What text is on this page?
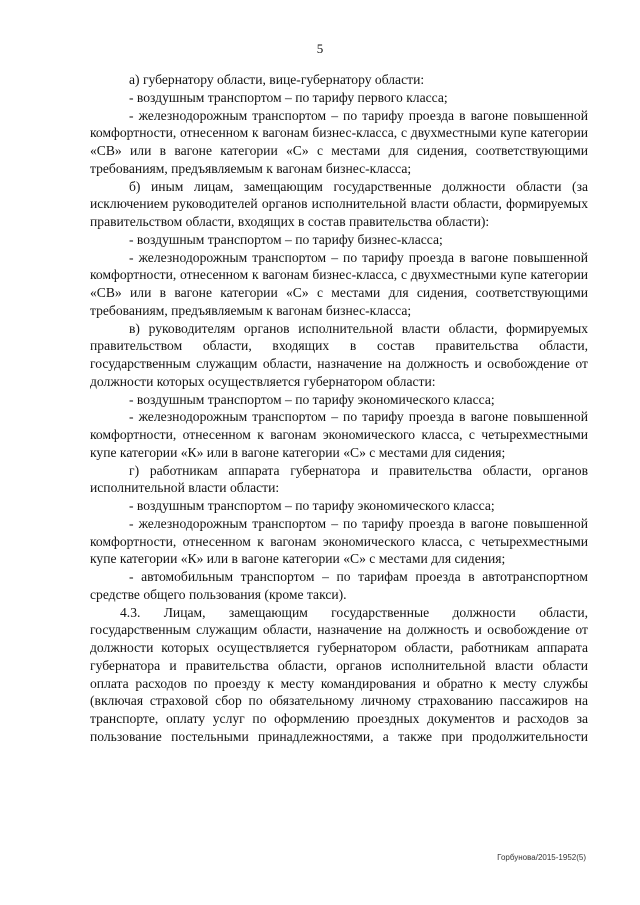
5

а) губернатору области, вице-губернатору области:

- воздушным транспортом – по тарифу первого класса;

- железнодорожным транспортом – по тарифу проезда в вагоне повышенной комфортности, отнесенном к вагонам бизнес-класса, с двухместными купе категории «СВ» или в вагоне категории «С» с местами для сидения, соответствующими требованиям, предъявляемым к вагонам бизнес-класса;

б) иным лицам, замещающим государственные должности области (за исключением руководителей органов исполнительной власти области, формируемых правительством области, входящих в состав правительства области):

- воздушным транспортом – по тарифу бизнес-класса;

- железнодорожным транспортом – по тарифу проезда в вагоне повышенной комфортности, отнесенном к вагонам бизнес-класса, с двухместными купе категории «СВ» или в вагоне категории «С» с местами для сидения, соответствующими требованиям, предъявляемым к вагонам бизнес-класса;

в) руководителям органов исполнительной власти области, формируемых правительством области, входящих в состав правительства области, государственным служащим области, назначение на должность и освобождение от должности которых осуществляется губернатором области:

- воздушным транспортом – по тарифу экономического класса;

- железнодорожным транспортом – по тарифу проезда в вагоне повышенной комфортности, отнесенном к вагонам экономического класса, с четырехместными купе категории «К» или в вагоне категории «С» с местами для сидения;

г) работникам аппарата губернатора и правительства области, органов исполнительной власти области:

- воздушным транспортом – по тарифу экономического класса;

- железнодорожным транспортом – по тарифу проезда в вагоне повышенной комфортности, отнесенном к вагонам экономического класса, с четырехместными купе категории «К» или в вагоне категории «С» с местами для сидения;

- автомобильным транспортом – по тарифам проезда в автотранспортном средстве общего пользования (кроме такси).

4.3. Лицам, замещающим государственные должности области, государственным служащим области, назначение на должность и освобождение от должности которых осуществляется губернатором области, работникам аппарата губернатора и правительства области, органов исполнительной власти области оплата расходов по проезду к месту командирования и обратно к месту службы (включая страховой сбор по обязательному личному страхованию пассажиров на транспорте, оплату услуг по оформлению проездных документов и расходов за пользование постельными принадлежностями, а также при продолжительности

Горбунова/2015-1952(5)
